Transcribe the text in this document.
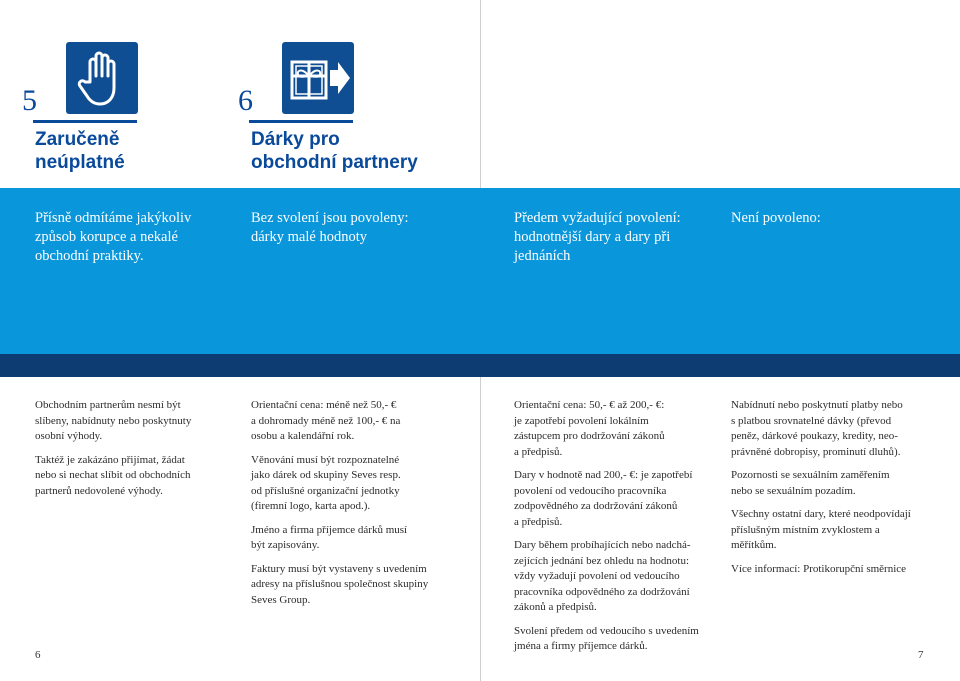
5
Zaručeně
neúplatné
6
Dárky pro
obchodní partnery
Přísně odmítáme jakýkoliv
způsob korupce a nekalé
obchodní praktiky.
Bez svolení jsou povoleny:
dárky malé hodnoty
Předem vyžadující povolení:
hodnotnější dary a dary při
jednáních
Není povoleno:

Obchodním partnerům nesmí být
slíbeny, nabídnuty nebo poskytnuty
osobní výhody.

Taktéž je zakázáno přijímat, žádat
nebo si nechat slíbit od obchodních
partnerů nedovolené výhody.

Orientační cena: méně než 50,- €
a dohromady méně než 100,- € na
osobu a kalendářní rok.

Věnování musí být rozpoznatelné
jako dárek od skupiny Seves resp.
od příslušné organizační jednotky
(firemní logo, karta apod.).

Jméno a firma příjemce dárků musí
být zapisovány.

Faktury musí být vystaveny s uvedením
adresy na příslušnou společnost skupiny
Seves Group.

Orientační cena: 50,- € až 200,- €:
je zapotřebí povolení lokálním
zástupcem pro dodržování zákonů
a předpisů.

Dary v hodnotě nad 200,- €: je zapotřebí
povolení od vedoucího pracovníka
zodpovědného za dodržování zákonů
a předpisů.

Dary během probíhajících nebo nadchá-
zejících jednání bez ohledu na hodnotu:
vždy vyžadují povolení od vedoucího
pracovníka odpovědného za dodržování
zákonů a předpisů.

Svolení předem od vedoucího s uvedením
jména a firmy příjemce dárků.

Nabídnutí nebo poskytnutí platby nebo
s platbou srovnatelné dávky (převod
peněz, dárkové poukazy, kredity, neo-
právněné dobropisy, prominutí dluhů).

Pozornosti se sexuálním zaměřením
nebo se sexuálním pozadím.

Všechny ostatní dary, které neodpovídají
příslušným místním zvyklostem a
měřítkům.

Více informací: Protikorupční směrnice

6	7
